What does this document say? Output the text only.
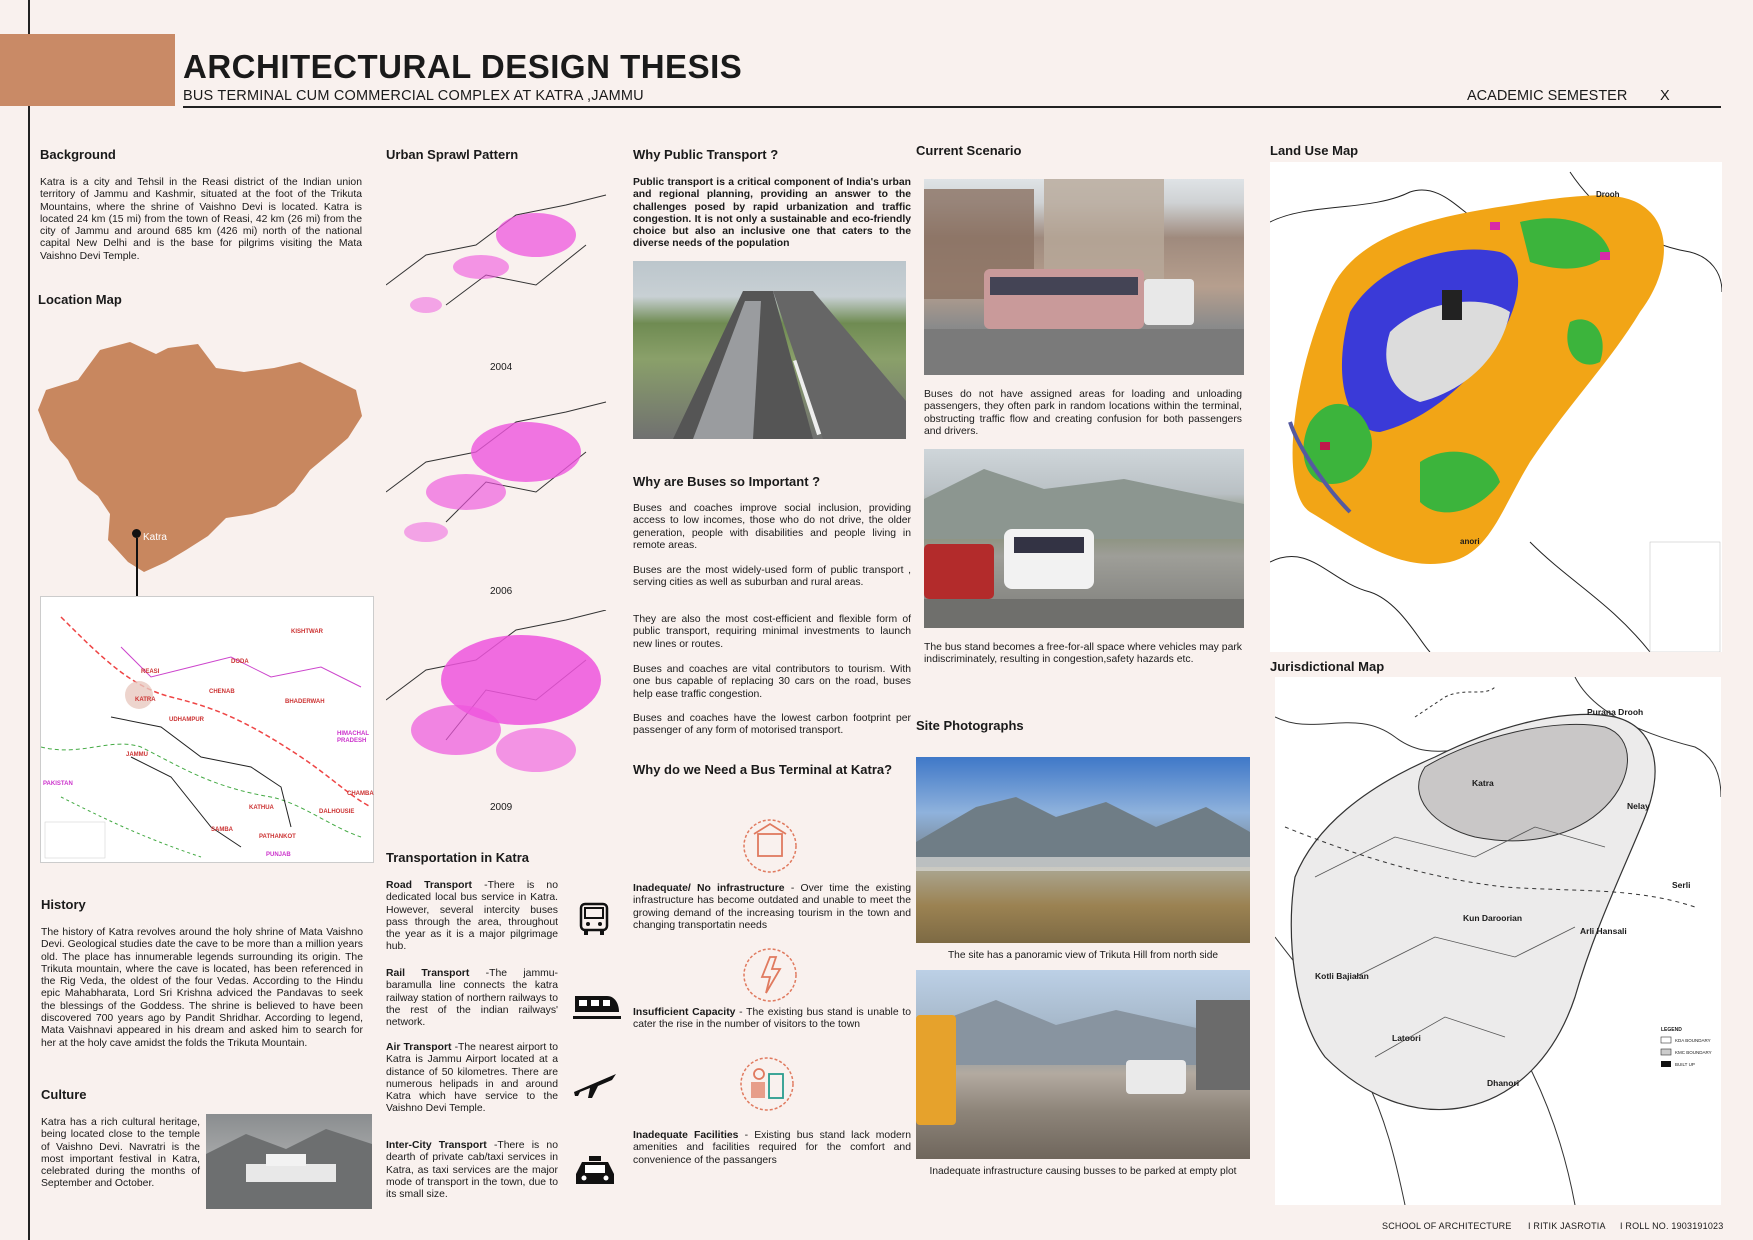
ARCHITECTURAL DESIGN THESIS
BUS TERMINAL CUM COMMERCIAL COMPLEX AT KATRA ,JAMMU	ACADEMIC SEMESTER X
Background

Katra is a city and Tehsil in the Reasi district of the Indian union territory of Jammu and Kashmir, situated at the foot of the Trikuta Mountains, where the shrine of Vaishno Devi is located. Katra is located 24 km (15 mi) from the town of Reasi, 42 km (26 mi) from the city of Jammu and around 685 km (426 mi) north of the national capital New Delhi and is the base for pilgrims visiting the Mata Vaishno Devi Temple.

Location Map
Katra
KATRA
JAMMU
UDHAMPUR
KISHTWAR
DODA
BHADERWAH
HIMACHAL PRADESH
PAKISTAN
PUNJAB
PATHANKOT
DALHOUSIE
CHAMBA
SAMBA
KATHUA
CHENAB
REASI
History

The history of Katra revolves around the holy shrine of Mata Vaishno Devi. Geological studies date the cave to be more than a million years old. The place has innumerable legends surrounding its origin. The Trikuta mountain, where the cave is located, has been referenced in the Rig Veda, the oldest of the four Vedas. According to the Hindu epic Mahabharata, Lord Sri Krishna adviced the Pandavas to seek the blessings of the Goddess. The shrine is believed to have been discovered 700 years ago by Pandit Shridhar. According to legend, Mata Vaishnavi appeared in his dream and asked him to search for her at the holy cave amidst the folds the Trikuta Mountain.

Culture

Katra has a rich cultural heritage, being located close to the temple of Vaishno Devi. Navratri is the most important festival in Katra, celebrated during the months of September and October.

Urban Sprawl Pattern
2004
2006
2009
Transportation in Katra

Road Transport -There is no dedicated local bus service in Katra. However, several intercity buses pass through the area, throughout the year as it is a major pilgrimage hub.

Rail Transport -The jammu-baramulla line connects the katra railway station of northern railways to the rest of the indian railways' network.

Air Transport -The nearest airport to Katra is Jammu Airport located at a distance of 50 kilometres. There are numerous helipads in and around Katra which have service to the Vaishno Devi Temple.

Inter-City Transport -There is no dearth of private cab/taxi services in Katra, as taxi services are the major mode of transport in the town, due to its small size.

Why Public Transport ?

Public transport is a critical component of India's urban and regional planning, providing an answer to the challenges posed by rapid urbanization and traffic congestion. It is not only a sustainable and eco-friendly choice but also an inclusive one that caters to the diverse needs of the population

Why are Buses so Important ?

Buses and coaches improve social inclusion, providing access to low incomes, those who do not drive, the older generation, people with disabilities and people living in remote areas.

Buses are the most widely-used form of public transport , serving cities as well as suburban and rural areas.

They are also the most cost-efficient and flexible form of public transport, requiring minimal investments to launch new lines or routes.

Buses and coaches are vital contributors to tourism. With one bus capable of replacing 30 cars on the road, buses help ease traffic congestion.

Buses and coaches have the lowest carbon footprint per passenger of any form of motorised transport.

Why do we Need a Bus Terminal at Katra?

Inadequate/ No infrastructure - Over time the existing infrastructure has become outdated and unable to meet the growing demand of the increasing tourism in the town and changing transportatin needs

Insufficient Capacity - The existing bus stand is unable to cater the rise in the number of visitors to the town

Inadequate Facilities - Existing bus stand lack modern amenities and facilities required for the comfort and convenience of the passangers

Current Scenario

Buses do not have assigned areas for loading and unloading passengers, they often park in random locations within the terminal, obstructing traffic flow and creating confusion for both passengers and drivers.

The bus stand becomes a free-for-all space where vehicles may park indiscriminately, resulting in congestion,safety hazards etc.

Site Photographs
The site has a panoramic view of Trikuta Hill from north side
Inadequate infrastructure causing busses to be parked at empty plot
Land Use Map
Drooh
anori
Jurisdictional Map
Purana Drooh
Katra
Nelay
Serli
Kun Daroorian
Arli Hansali
Kotli Bajialan
Latoori
Dhanori
LEGEND
KDA BOUNDARY
KMC BOUNDARY
BUILT UP
SCHOOL OF ARCHITECTURE I RITIK JASROTIA I ROLL NO. 1903191023
